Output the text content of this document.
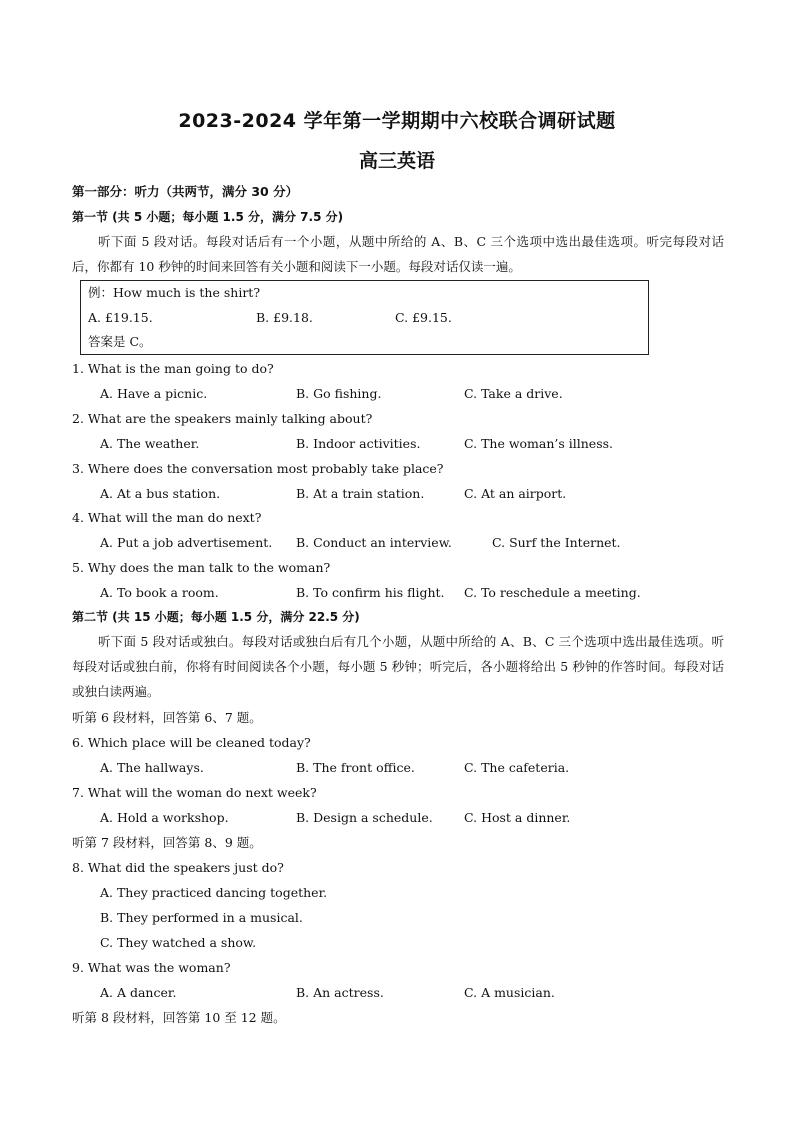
2023-2024 学年第一学期期中六校联合调研试题
高三英语
第一部分：听力（共两节，满分 30 分）
第一节 (共 5 小题；每小题 1.5 分，满分 7.5 分)
听下面 5 段对话。每段对话后有一个小题，从题中所给的 A、B、C 三个选项中选出最佳选项。听完每段对话后，你都有 10 秒钟的时间来回答有关小题和阅读下一小题。每段对话仅读一遍。
例：How much is the shirt?
A. £19.15.	B. £9.18.	C. £9.15.
答案是 C。
1. What is the man going to do?
A. Have a picnic.	B. Go fishing.	C. Take a drive.
2. What are the speakers mainly talking about?
A. The weather.	B. Indoor activities.	C. The woman’s illness.
3. Where does the conversation most probably take place?
A. At a bus station.	B. At a train station.	C. At an airport.
4. What will the man do next?
A. Put a job advertisement. B. Conduct an interview.	C. Surf the Internet.
5. Why does the man talk to the woman?
A. To book a room.	B. To confirm his flight. C. To reschedule a meeting.
第二节 (共 15 小题；每小题 1.5 分，满分 22.5 分)
听下面 5 段对话或独白。每段对话或独白后有几个小题，从题中所给的 A、B、C 三个选项中选出最佳选项。听每段对话或独白前，你将有时间阅读各个小题，每小题 5 秒钟；听完后，各小题将给出 5 秒钟的作答时间。每段对话或独白读两遍。
听第 6 段材料，回答第 6、7 题。
6. Which place will be cleaned today?
A. The hallways.	B. The front office.	C. The cafeteria.
7. What will the woman do next week?
A. Hold a workshop.	B. Design a schedule.	C. Host a dinner.
听第 7 段材料，回答第 8、9 题。
8. What did the speakers just do?
A. They practiced dancing together.
B. They performed in a musical.
C. They watched a show.
9. What was the woman?
A. A dancer.	B. An actress.	C. A musician.
听第 8 段材料，回答第 10 至 12 题。
